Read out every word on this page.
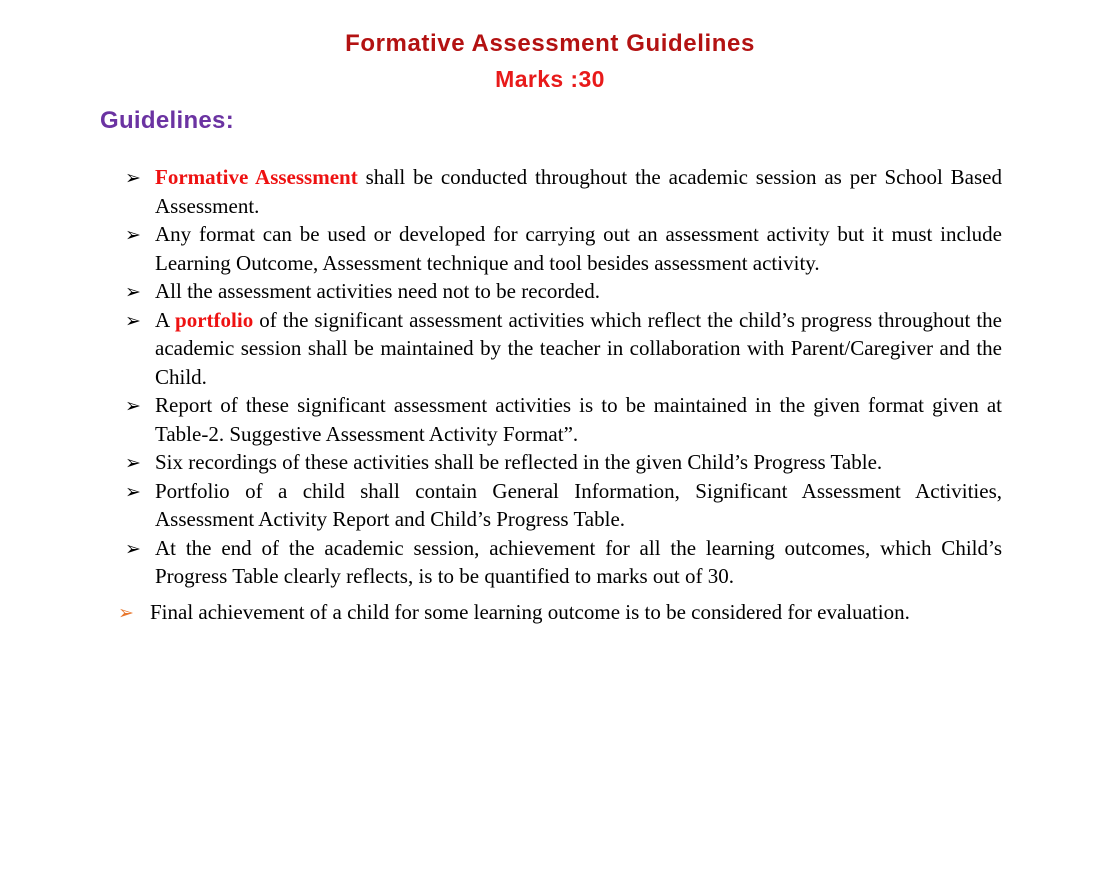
Formative Assessment Guidelines
Marks :30
Guidelines:
➢ Formative Assessment shall be conducted throughout the academic session as per School Based Assessment.
➢ Any format can be used or developed for carrying out an assessment activity but it must include Learning Outcome, Assessment technique and tool besides assessment activity.
➢ All the assessment activities need not to be recorded.
➢ A portfolio of the significant assessment activities which reflect the child’s progress throughout the academic session shall be maintained by the teacher in collaboration with Parent/Caregiver and the Child.
➢ Report of these significant assessment activities is to be maintained in the given format given at Table-2. Suggestive Assessment Activity Format”.
➢ Six recordings of these activities shall be reflected in the given Child’s Progress Table.
➢ Portfolio of a child shall contain General Information, Significant Assessment Activities, Assessment Activity Report and Child’s Progress Table.
➢ At the end of the academic session, achievement for all the learning outcomes, which Child’s Progress Table clearly reflects, is to be quantified to marks out of 30.
➢ Final achievement of a child for some learning outcome is to be considered for evaluation.
